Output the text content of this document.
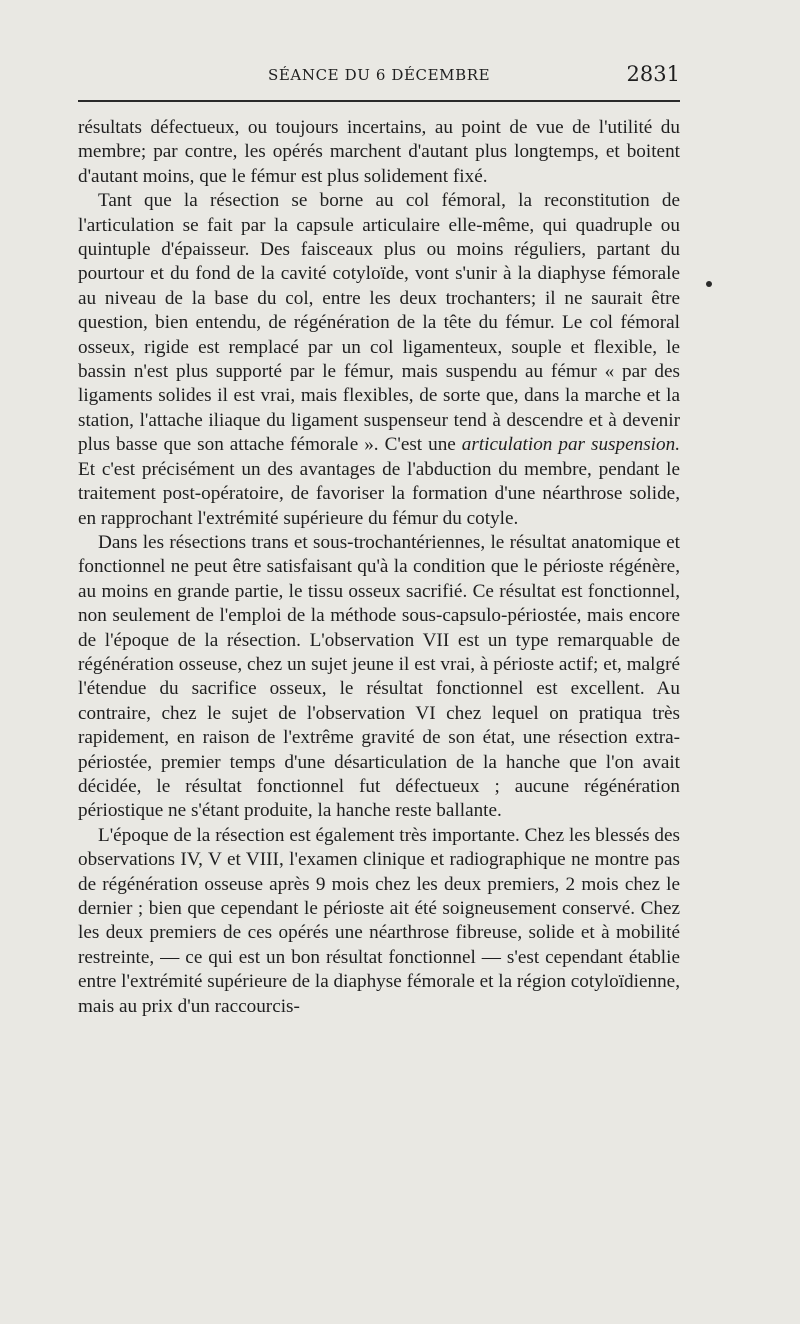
SÉANCE DU 6 DÉCEMBRE	2831

résultats défectueux, ou toujours incertains, au point de vue de l'utilité du membre; par contre, les opérés marchent d'autant plus longtemps, et boitent d'autant moins, que le fémur est plus solidement fixé.

Tant que la résection se borne au col fémoral, la reconstitution de l'articulation se fait par la capsule articulaire elle-même, qui quadruple ou quintuple d'épaisseur. Des faisceaux plus ou moins réguliers, partant du pourtour et du fond de la cavité cotyloïde, vont s'unir à la diaphyse fémorale au niveau de la base du col, entre les deux trochanters; il ne saurait être question, bien entendu, de régénération de la tête du fémur. Le col fémoral osseux, rigide est remplacé par un col ligamenteux, souple et flexible, le bassin n'est plus supporté par le fémur, mais suspendu au fémur « par des ligaments solides il est vrai, mais flexibles, de sorte que, dans la marche et la station, l'attache iliaque du ligament suspenseur tend à descendre et à devenir plus basse que son attache fémorale ». C'est une articulation par suspension. Et c'est précisément un des avantages de l'abduction du membre, pendant le traitement post-opératoire, de favoriser la formation d'une néarthrose solide, en rapprochant l'extrémité supérieure du fémur du cotyle.

Dans les résections trans et sous-trochantériennes, le résultat anatomique et fonctionnel ne peut être satisfaisant qu'à la condition que le périoste régénère, au moins en grande partie, le tissu osseux sacrifié. Ce résultat est fonctionnel, non seulement de l'emploi de la méthode sous-capsulo-périostée, mais encore de l'époque de la résection. L'observation VII est un type remarquable de régénération osseuse, chez un sujet jeune il est vrai, à périoste actif; et, malgré l'étendue du sacrifice osseux, le résultat fonctionnel est excellent. Au contraire, chez le sujet de l'observation VI chez lequel on pratiqua très rapidement, en raison de l'extrême gravité de son état, une résection extra-périostée, premier temps d'une désarticulation de la hanche que l'on avait décidée, le résultat fonctionnel fut défectueux ; aucune régénération périostique ne s'étant produite, la hanche reste ballante.

L'époque de la résection est également très importante. Chez les blessés des observations IV, V et VIII, l'examen clinique et radiographique ne montre pas de régénération osseuse après 9 mois chez les deux premiers, 2 mois chez le dernier ; bien que cependant le périoste ait été soigneusement conservé. Chez les deux premiers de ces opérés une néarthrose fibreuse, solide et à mobilité restreinte, — ce qui est un bon résultat fonctionnel — s'est cependant établie entre l'extrémité supérieure de la diaphyse fémorale et la région cotyloïdienne, mais au prix d'un raccourcis-
